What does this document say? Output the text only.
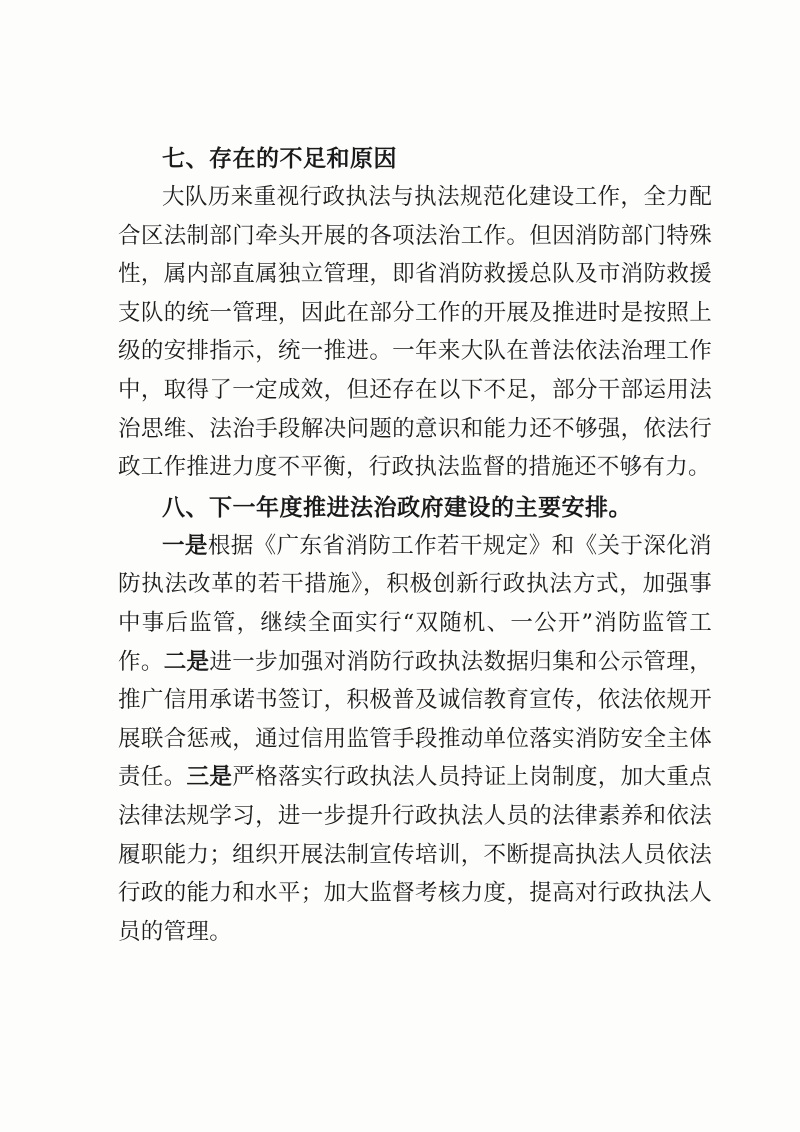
七、存在的不足和原因

大队历来重视行政执法与执法规范化建设工作，全力配合区法制部门牵头开展的各项法治工作。但因消防部门特殊性，属内部直属独立管理，即省消防救援总队及市消防救援支队的统一管理，因此在部分工作的开展及推进时是按照上级的安排指示，统一推进。一年来大队在普法依法治理工作中，取得了一定成效，但还存在以下不足，部分干部运用法治思维、法治手段解决问题的意识和能力还不够强，依法行政工作推进力度不平衡，行政执法监督的措施还不够有力。

八、下一年度推进法治政府建设的主要安排。

一是根据《广东省消防工作若干规定》和《关于深化消防执法改革的若干措施》，积极创新行政执法方式，加强事中事后监管，继续全面实行“双随机、一公开”消防监管工作。二是进一步加强对消防行政执法数据归集和公示管理，推广信用承诺书签订，积极普及诚信教育宣传，依法依规开展联合惩戒，通过信用监管手段推动单位落实消防安全主体责任。三是严格落实行政执法人员持证上岗制度，加大重点法律法规学习，进一步提升行政执法人员的法律素养和依法履职能力；组织开展法制宣传培训，不断提高执法人员依法行政的能力和水平；加大监督考核力度，提高对行政执法人员的管理。
